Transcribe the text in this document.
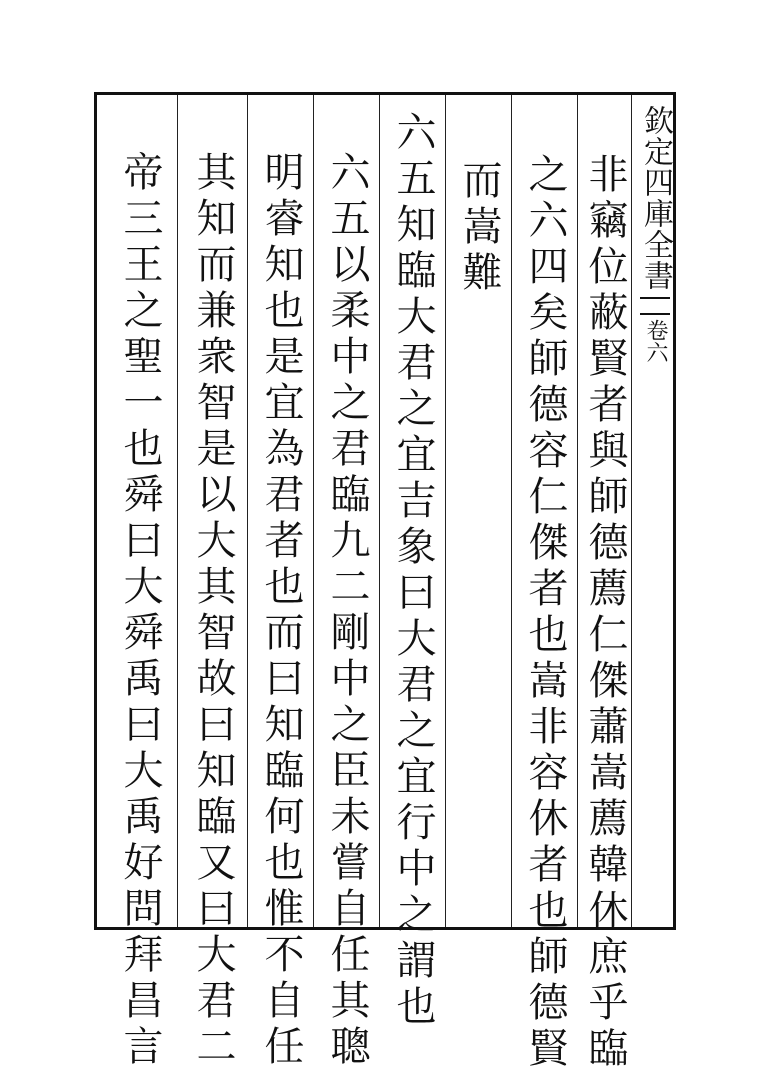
欽定四庫全書
卷六
非竊位蔽賢者與師德薦仁傑蕭嵩薦韓休庶乎臨
之六四矣師德容仁傑者也嵩非容休者也師德賢
而嵩難
六五知臨大君之宜吉象曰大君之宜行中之謂也
六五以柔中之君臨九二剛中之臣未嘗自任其聰
明睿知也是宜為君者也而曰知臨何也惟不自任
其知而兼衆智是以大其智故曰知臨又曰大君二
帝三王之聖一也舜曰大舜禹曰大禹好問拜昌言
